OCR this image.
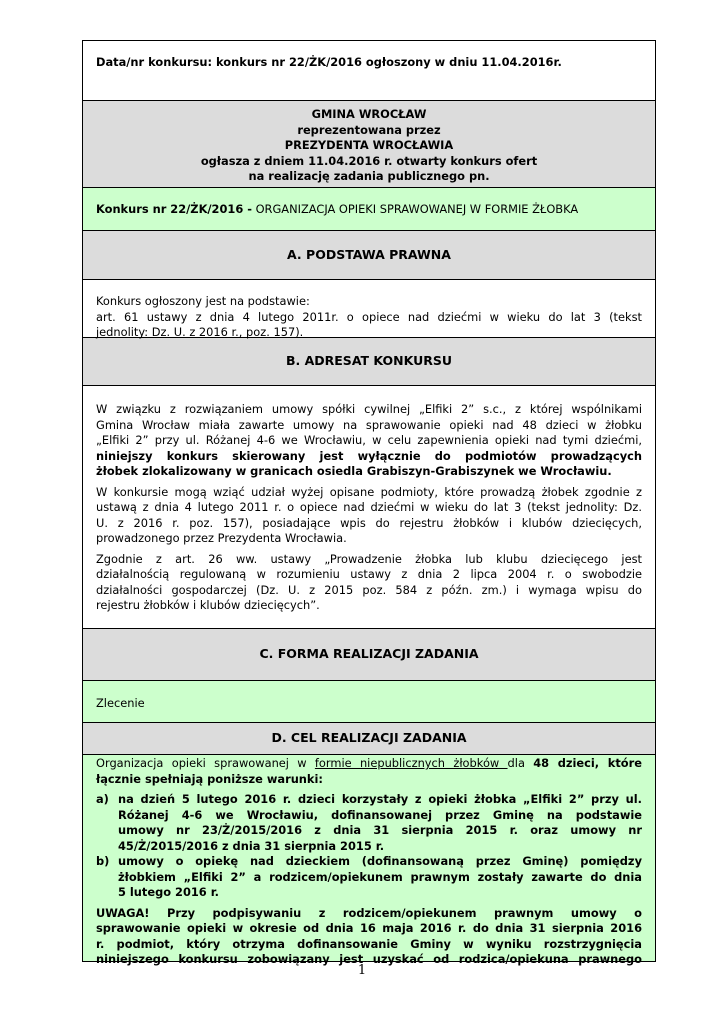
Data/nr konkursu: konkurs nr 22/ŻK/2016 ogłoszony w dniu 11.04.2016r.
GMINA WROCŁAW
reprezentowana przez
PREZYDENTA WROCŁAWIA
ogłasza z dniem 11.04.2016 r. otwarty konkurs ofert
na realizację zadania publicznego pn.
Konkurs nr 22/ŻK/2016 - ORGANIZACJA OPIEKI SPRAWOWANEJ W FORMIE ŻŁOBKA
A. PODSTAWA PRAWNA
Konkurs ogłoszony jest na podstawie:
art. 61 ustawy z dnia 4 lutego 2011r. o opiece nad dziećmi w wieku do lat 3 (tekst
jednolity: Dz. U. z 2016 r., poz. 157).
B. ADRESAT KONKURSU
W związku z rozwiązaniem umowy spółki cywilnej „Elfiki 2” s.c., z której wspólnikami
Gmina Wrocław miała zawarte umowy na sprawowanie opieki nad 48 dzieci w żłobku
„Elfiki 2” przy ul. Różanej 4-6 we Wrocławiu, w celu zapewnienia opieki nad tymi dziećmi,
niniejszy konkurs skierowany jest wyłącznie do podmiotów prowadzących
żłobek zlokalizowany w granicach osiedla Grabiszyn-Grabiszynek we Wrocławiu.
W konkursie mogą wziąć udział wyżej opisane podmioty, które prowadzą żłobek zgodnie z
ustawą z dnia 4 lutego 2011 r. o opiece nad dziećmi w wieku do lat 3 (tekst jednolity: Dz.
U. z 2016 r. poz. 157), posiadające wpis do rejestru żłobków i klubów dziecięcych,
prowadzonego przez Prezydenta Wrocławia.
Zgodnie z art. 26 ww. ustawy „Prowadzenie żłobka lub klubu dziecięcego jest
działalnością regulowaną w rozumieniu ustawy z dnia 2 lipca 2004 r. o swobodzie
działalności gospodarczej (Dz. U. z 2015 poz. 584 z późn. zm.) i wymaga wpisu do
rejestru żłobków i klubów dziecięcych”.
C. FORMA REALIZACJI ZADANIA
Zlecenie
D. CEL REALIZACJI ZADANIA
Organizacja opieki sprawowanej w formie niepublicznych żłobków dla 48 dzieci, które
łącznie spełniają poniższe warunki:
a) na dzień 5 lutego 2016 r. dzieci korzystały z opieki żłobka „Elfiki 2” przy ul.
Różanej 4-6 we Wrocławiu, dofinansowanej przez Gminę na podstawie
umowy nr 23/Ż/2015/2016 z dnia 31 sierpnia 2015 r. oraz umowy nr
45/Ż/2015/2016 z dnia 31 sierpnia 2015 r.
b) umowy o opiekę nad dzieckiem (dofinansowaną przez Gminę) pomiędzy
żłobkiem „Elfiki 2” a rodzicem/opiekunem prawnym zostały zawarte do dnia
5 lutego 2016 r.
UWAGA! Przy podpisywaniu z rodzicem/opiekunem prawnym umowy o
sprawowanie opieki w okresie od dnia 16 maja 2016 r. do dnia 31 sierpnia 2016
r. podmiot, który otrzyma dofinansowanie Gminy w wyniku rozstrzygnięcia
niniejszego konkursu zobowiązany jest uzyskać od rodzica/opiekuna prawnego
1
